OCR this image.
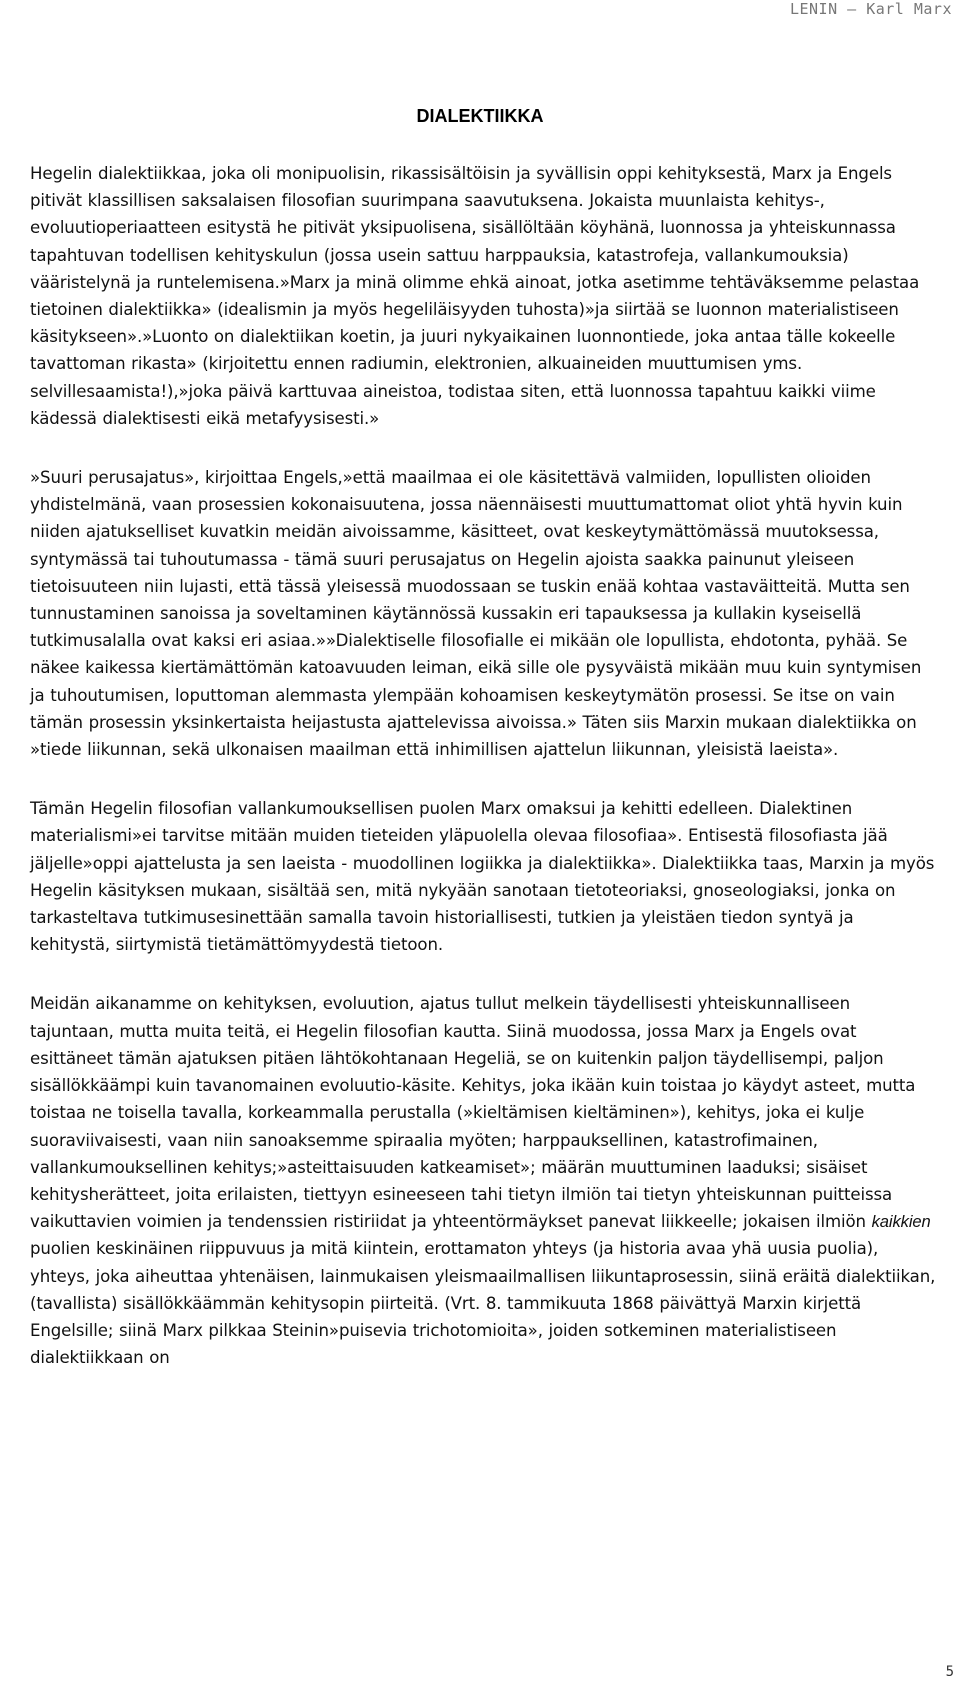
LENIN – Karl Marx
DIALEKTIIKKA

Hegelin dialektiikkaa, joka oli monipuolisin, rikassisältöisin ja syvällisin oppi kehityksestä, Marx ja Engels pitivät klassillisen saksalaisen filosofian suurimpana saavutuksena. Jokaista muunlaista kehitys-, evoluutioperiaatteen esitystä he pitivät yksipuolisena, sisällöltään köyhänä, luonnossa ja yhteiskunnassa tapahtuvan todellisen kehityskulun (jossa usein sattuu harppauksia, katastrofeja, vallankumouksia) vääristelynä ja runtelemisena.»Marx ja minä olimme ehkä ainoat, jotka asetimme tehtäväksemme pelastaa tietoinen dialektiikka» (idealismin ja myös hegeliläisyyden tuhosta)»ja siirtää se luonnon materialistiseen käsitykseen».»Luonto on dialektiikan koetin, ja juuri nykyaikainen luonnontiede, joka antaa tälle kokeelle tavattoman rikasta» (kirjoitettu ennen radiumin, elektronien, alkuaineiden muuttumisen yms. selvillesaamista!),»joka päivä karttuvaa aineistoa, todistaa siten, että luonnossa tapahtuu kaikki viime kädessä dialektisesti eikä metafyysisesti.»

»Suuri perusajatus», kirjoittaa Engels,»että maailmaa ei ole käsitettävä valmiiden, lopullisten olioiden yhdistelmänä, vaan prosessien kokonaisuutena, jossa näennäisesti muuttumattomat oliot yhtä hyvin kuin niiden ajatukselliset kuvatkin meidän aivoissamme, käsitteet, ovat keskeytymättömässä muutoksessa, syntymässä tai tuhoutumassa - tämä suuri perusajatus on Hegelin ajoista saakka painunut yleiseen tietoisuuteen niin lujasti, että tässä yleisessä muodossaan se tuskin enää kohtaa vastaväitteitä. Mutta sen tunnustaminen sanoissa ja soveltaminen käytännössä kussakin eri tapauksessa ja kullakin kyseisellä tutkimusalalla ovat kaksi eri asiaa.»»Dialektiselle filosofialle ei mikään ole lopullista, ehdotonta, pyhää. Se näkee kaikessa kiertämättömän katoavuuden leiman, eikä sille ole pysyväistä mikään muu kuin syntymisen ja tuhoutumisen, loputtoman alemmasta ylempään kohoamisen keskeytymätön prosessi. Se itse on vain tämän prosessin yksinkertaista heijastusta ajattelevissa aivoissa.» Täten siis Marxin mukaan dialektiikka on »tiede liikunnan, sekä ulkonaisen maailman että inhimillisen ajattelun liikunnan, yleisistä laeista».

Tämän Hegelin filosofian vallankumouksellisen puolen Marx omaksui ja kehitti edelleen. Dialektinen materialismi»ei tarvitse mitään muiden tieteiden yläpuolella olevaa filosofiaa». Entisestä filosofiasta jää jäljelle»oppi ajattelusta ja sen laeista - muodollinen logiikka ja dialektiikka». Dialektiikka taas, Marxin ja myös Hegelin käsityksen mukaan, sisältää sen, mitä nykyään sanotaan tietoteoriaksi, gnoseologiaksi, jonka on tarkasteltava tutkimusesinettään samalla tavoin historiallisesti, tutkien ja yleistäen tiedon syntyä ja kehitystä, siirtymistä tietämättömyydestä tietoon.

Meidän aikanamme on kehityksen, evoluution, ajatus tullut melkein täydellisesti yhteiskunnalliseen tajuntaan, mutta muita teitä, ei Hegelin filosofian kautta. Siinä muodossa, jossa Marx ja Engels ovat esittäneet tämän ajatuksen pitäen lähtökohtanaan Hegeliä, se on kuitenkin paljon täydellisempi, paljon sisällökkäämpi kuin tavanomainen evoluutio-käsite. Kehitys, joka ikään kuin toistaa jo käydyt asteet, mutta toistaa ne toisella tavalla, korkeammalla perustalla (»kieltämisen kieltäminen»), kehitys, joka ei kulje suoraviivaisesti, vaan niin sanoaksemme spiraalia myöten; harppauksellinen, katastrofimainen, vallankumouksellinen kehitys;»asteittaisuuden katkeamiset»; määrän muuttuminen laaduksi; sisäiset kehitysherätteet, joita erilaisten, tiettyyn esineeseen tahi tietyn ilmiön tai tietyn yhteiskunnan puitteissa vaikuttavien voimien ja tendenssien ristiriidat ja yhteentörmäykset panevat liikkeelle; jokaisen ilmiön kaikkien puolien keskinäinen riippuvuus ja mitä kiintein, erottamaton yhteys (ja historia avaa yhä uusia puolia), yhteys, joka aiheuttaa yhtenäisen, lainmukaisen yleismaailmallisen liikuntaprosessin, siinä eräitä dialektiikan, (tavallista) sisällökkäämmän kehitysopin piirteitä. (Vrt. 8. tammikuuta 1868 päivättyä Marxin kirjettä Engelsille; siinä Marx pilkkaa Steinin»puisevia trichotomioita», joiden sotkeminen materialistiseen dialektiikkaan on

5
